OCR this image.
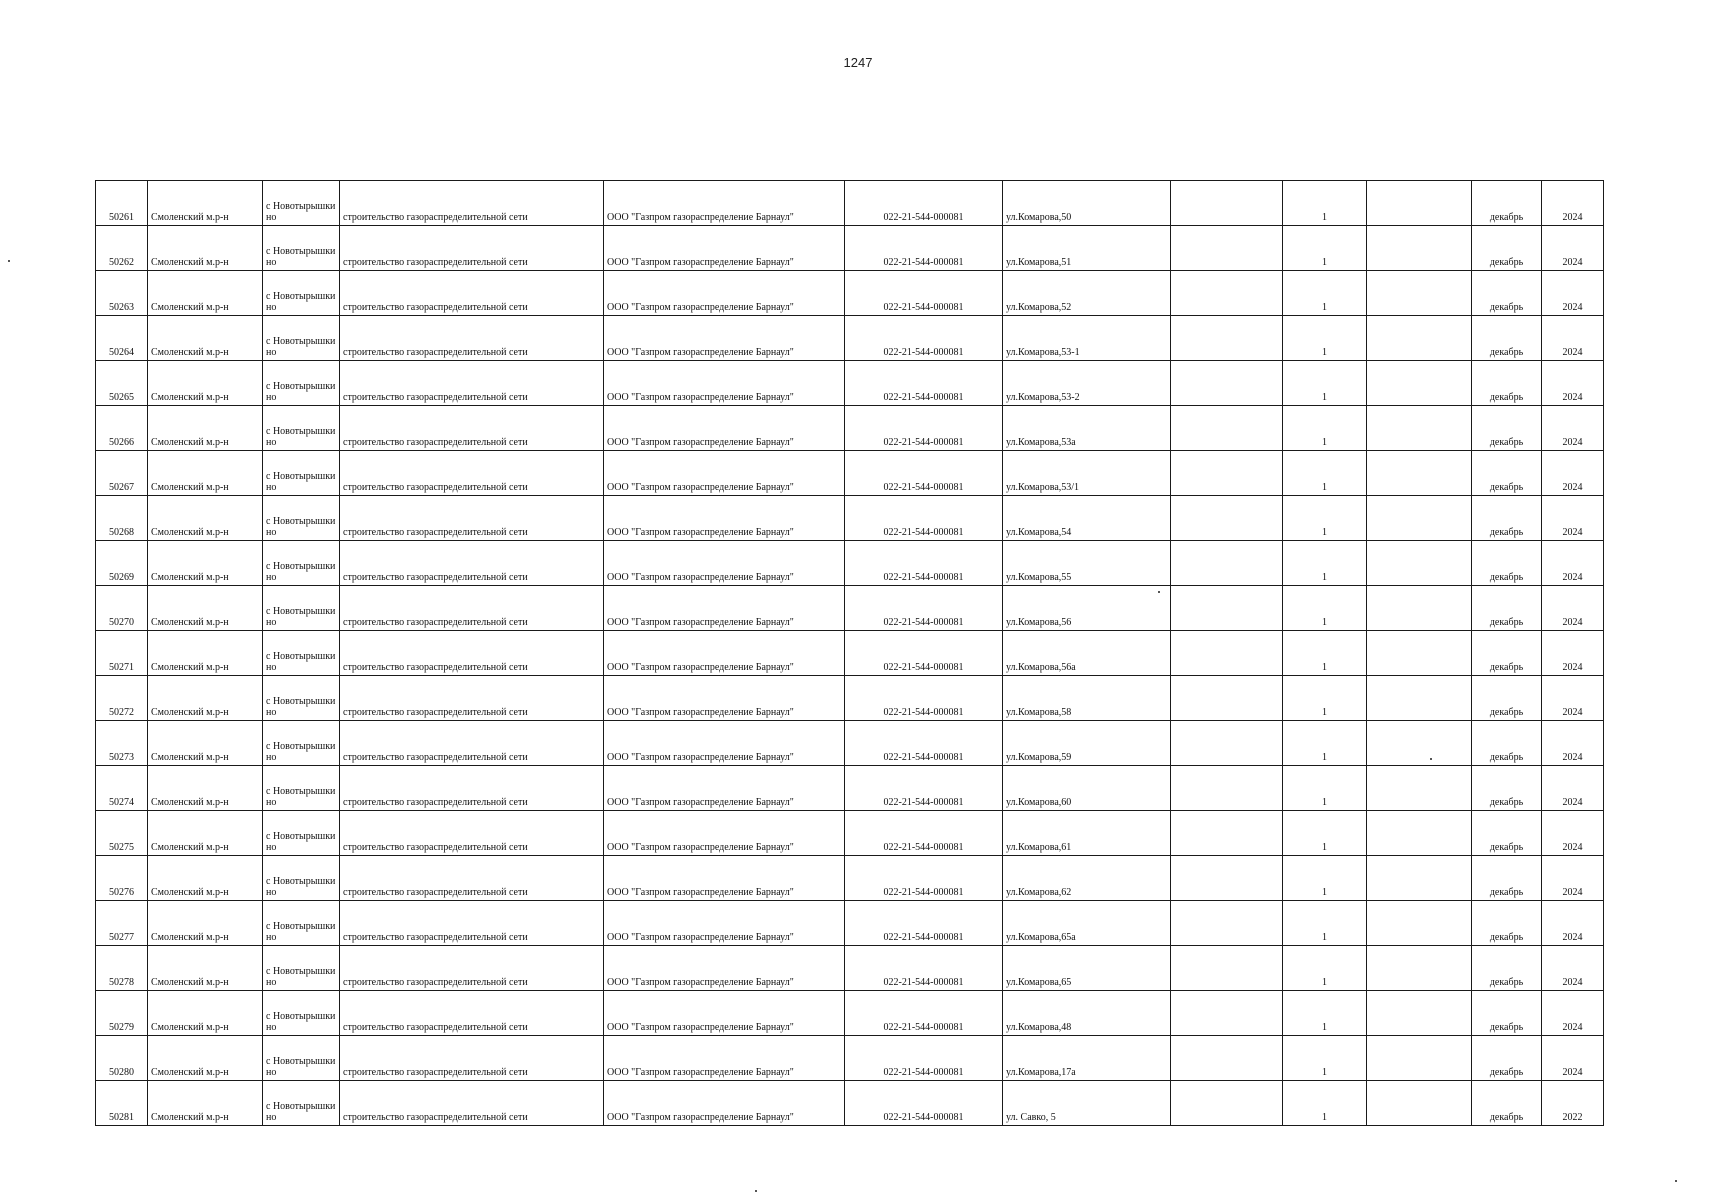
1247
50261	Смоленский м.р-н	с Новотырышкино	строительство газораспределительной сети	ООО "Газпром газораспределение Барнаул"	022-21-544-000081	ул.Комарова,50		1		декабрь	2024
50262	Смоленский м.р-н	с Новотырышкино	строительство газораспределительной сети	ООО "Газпром газораспределение Барнаул"	022-21-544-000081	ул.Комарова,51		1		декабрь	2024
50263	Смоленский м.р-н	с Новотырышкино	строительство газораспределительной сети	ООО "Газпром газораспределение Барнаул"	022-21-544-000081	ул.Комарова,52		1		декабрь	2024
50264	Смоленский м.р-н	с Новотырышкино	строительство газораспределительной сети	ООО "Газпром газораспределение Барнаул"	022-21-544-000081	ул.Комарова,53-1		1		декабрь	2024
50265	Смоленский м.р-н	с Новотырышкино	строительство газораспределительной сети	ООО "Газпром газораспределение Барнаул"	022-21-544-000081	ул.Комарова,53-2		1		декабрь	2024
50266	Смоленский м.р-н	с Новотырышкино	строительство газораспределительной сети	ООО "Газпром газораспределение Барнаул"	022-21-544-000081	ул.Комарова,53а		1		декабрь	2024
50267	Смоленский м.р-н	с Новотырышкино	строительство газораспределительной сети	ООО "Газпром газораспределение Барнаул"	022-21-544-000081	ул.Комарова,53/1		1		декабрь	2024
50268	Смоленский м.р-н	с Новотырышкино	строительство газораспределительной сети	ООО "Газпром газораспределение Барнаул"	022-21-544-000081	ул.Комарова,54		1		декабрь	2024
50269	Смоленский м.р-н	с Новотырышкино	строительство газораспределительной сети	ООО "Газпром газораспределение Барнаул"	022-21-544-000081	ул.Комарова,55		1		декабрь	2024
50270	Смоленский м.р-н	с Новотырышкино	строительство газораспределительной сети	ООО "Газпром газораспределение Барнаул"	022-21-544-000081	ул.Комарова,56		1		декабрь	2024
50271	Смоленский м.р-н	с Новотырышкино	строительство газораспределительной сети	ООО "Газпром газораспределение Барнаул"	022-21-544-000081	ул.Комарова,56а		1		декабрь	2024
50272	Смоленский м.р-н	с Новотырышкино	строительство газораспределительной сети	ООО "Газпром газораспределение Барнаул"	022-21-544-000081	ул.Комарова,58		1		декабрь	2024
50273	Смоленский м.р-н	с Новотырышкино	строительство газораспределительной сети	ООО "Газпром газораспределение Барнаул"	022-21-544-000081	ул.Комарова,59		1		декабрь	2024
50274	Смоленский м.р-н	с Новотырышкино	строительство газораспределительной сети	ООО "Газпром газораспределение Барнаул"	022-21-544-000081	ул.Комарова,60		1		декабрь	2024
50275	Смоленский м.р-н	с Новотырышкино	строительство газораспределительной сети	ООО "Газпром газораспределение Барнаул"	022-21-544-000081	ул.Комарова,61		1		декабрь	2024
50276	Смоленский м.р-н	с Новотырышкино	строительство газораспределительной сети	ООО "Газпром газораспределение Барнаул"	022-21-544-000081	ул.Комарова,62		1		декабрь	2024
50277	Смоленский м.р-н	с Новотырышкино	строительство газораспределительной сети	ООО "Газпром газораспределение Барнаул"	022-21-544-000081	ул.Комарова,65а		1		декабрь	2024
50278	Смоленский м.р-н	с Новотырышкино	строительство газораспределительной сети	ООО "Газпром газораспределение Барнаул"	022-21-544-000081	ул.Комарова,65		1		декабрь	2024
50279	Смоленский м.р-н	с Новотырышкино	строительство газораспределительной сети	ООО "Газпром газораспределение Барнаул"	022-21-544-000081	ул.Комарова,48		1		декабрь	2024
50280	Смоленский м.р-н	с Новотырышкино	строительство газораспределительной сети	ООО "Газпром газораспределение Барнаул"	022-21-544-000081	ул.Комарова,17а		1		декабрь	2024
50281	Смоленский м.р-н	с Новотырышкино	строительство газораспределительной сети	ООО "Газпром газораспределение Барнаул"	022-21-544-000081	ул. Савко, 5		1		декабрь	2022
